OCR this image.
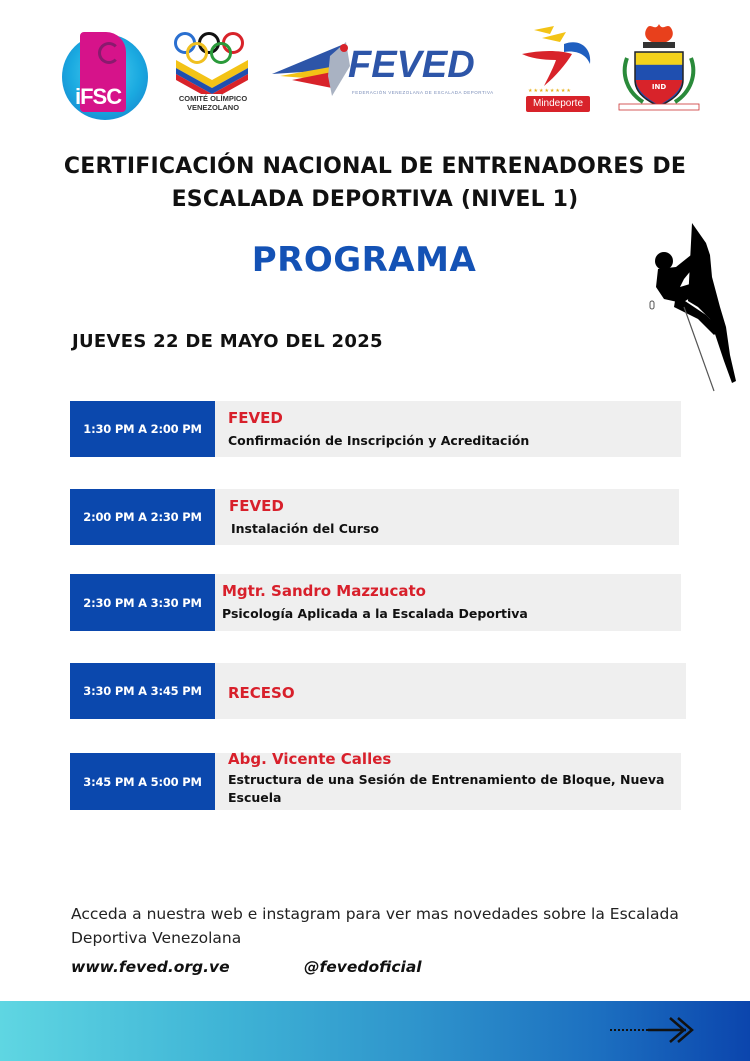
iFSC	COMITÉ OLÍMPICO
VENEZOLANO
FEVED
FEDERACIÓN VENEZOLANA DE ESCALADA DEPORTIVA	★★★★★★★★
Mindeporte
IND
CERTIFICACIÓN NACIONAL DE ENTRENADORES DE
ESCALADA DEPORTIVA (NIVEL 1)
PROGRAMA
JUEVES 22 DE MAYO DEL 2025
1:30 PM A 2:00 PM
FEVED
Confirmación de Inscripción y Acreditación
2:00 PM A 2:30 PM
FEVED
Instalación del Curso
2:30 PM A 3:30 PM
Mgtr. Sandro Mazzucato
Psicología Aplicada a la Escalada Deportiva
3:30 PM A 3:45 PM	RECESO
3:45 PM A 5:00 PM
Abg. Vicente Calles
Estructura de una Sesión de Entrenamiento de Bloque, Nueva Escuela
Acceda a nuestra web e instagram para ver mas novedades sobre la Escalada Deportiva Venezolana
www.feved.org.ve	@fevedoficial
